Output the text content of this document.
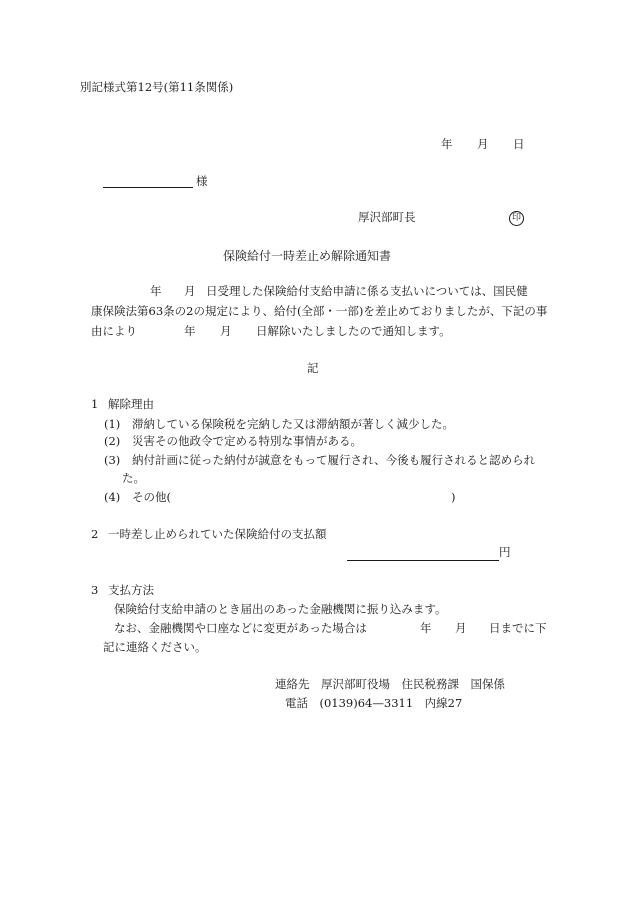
別記様式第12号(第11条関係)
年 月 日
様
厚沢部町長	印
保険給付一時差止め解除通知書
年 月 日受理した保険給付支給申請に係る支払いについては、国民健
康保険法第63条の2の規定により、給付(全部・一部)を差止めておりましたが、下記の事
由により	年 月 日解除いたしましたので通知します。
記
1 解除理由
(1) 滞納している保険税を完納した又は滞納額が著しく減少した。
(2) 災害その他政令で定める特別な事情がある。
(3) 納付計画に従った納付が誠意をもって履行され、今後も履行されると認められ
た。
(4) その他(	)
2 一時差し止められていた保険給付の支払額
円
3 支払方法
保険給付支給申請のとき届出のあった金融機関に振り込みます。
なお、金融機関や口座などに変更があった場合は	年 月 日までに下
記に連絡ください。
連絡先　厚沢部町役場　住民税務課　国保係
電話　(0139)64—3311　内線27
